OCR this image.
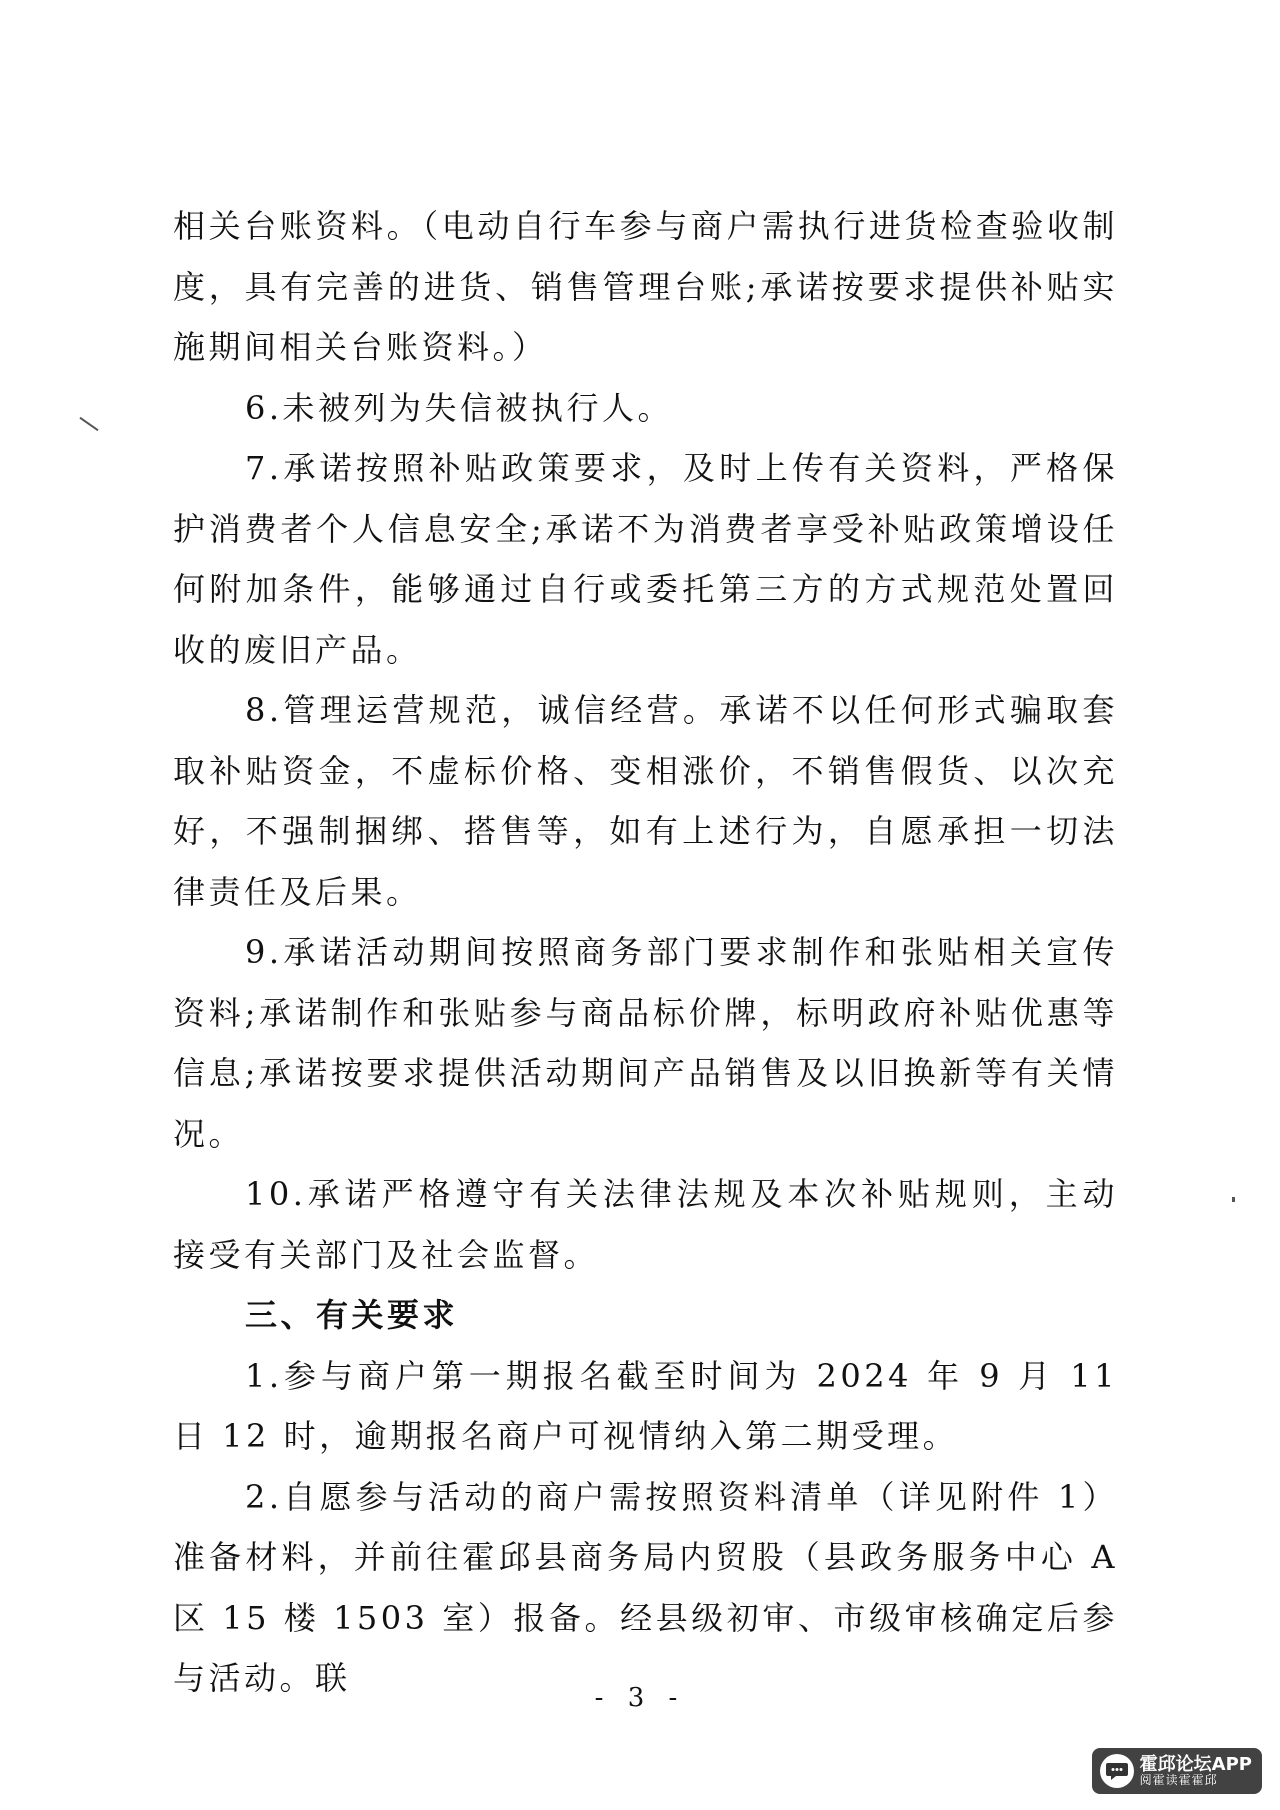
相关台账资料。（电动自行车参与商户需执行进货检查验收制度，具有完善的进货、销售管理台账;承诺按要求提供补贴实施期间相关台账资料。）

6.未被列为失信被执行人。

7.承诺按照补贴政策要求，及时上传有关资料，严格保护消费者个人信息安全;承诺不为消费者享受补贴政策增设任何附加条件，能够通过自行或委托第三方的方式规范处置回收的废旧产品。

8.管理运营规范，诚信经营。承诺不以任何形式骗取套取补贴资金，不虚标价格、变相涨价，不销售假货、以次充好，不强制捆绑、搭售等，如有上述行为，自愿承担一切法律责任及后果。

9.承诺活动期间按照商务部门要求制作和张贴相关宣传资料;承诺制作和张贴参与商品标价牌，标明政府补贴优惠等信息;承诺按要求提供活动期间产品销售及以旧换新等有关情况。

10.承诺严格遵守有关法律法规及本次补贴规则，主动接受有关部门及社会监督。

三、有关要求

1.参与商户第一期报名截至时间为 2024 年 9 月 11 日 12 时，逾期报名商户可视情纳入第二期受理。

2.自愿参与活动的商户需按照资料清单（详见附件 1）准备材料，并前往霍邱县商务局内贸股（县政务服务中心 A 区 15 楼 1503 室）报备。经县级初审、市级审核确定后参与活动。联

- 3 -
霍邱论坛APP
阅霍读霍霍邱
